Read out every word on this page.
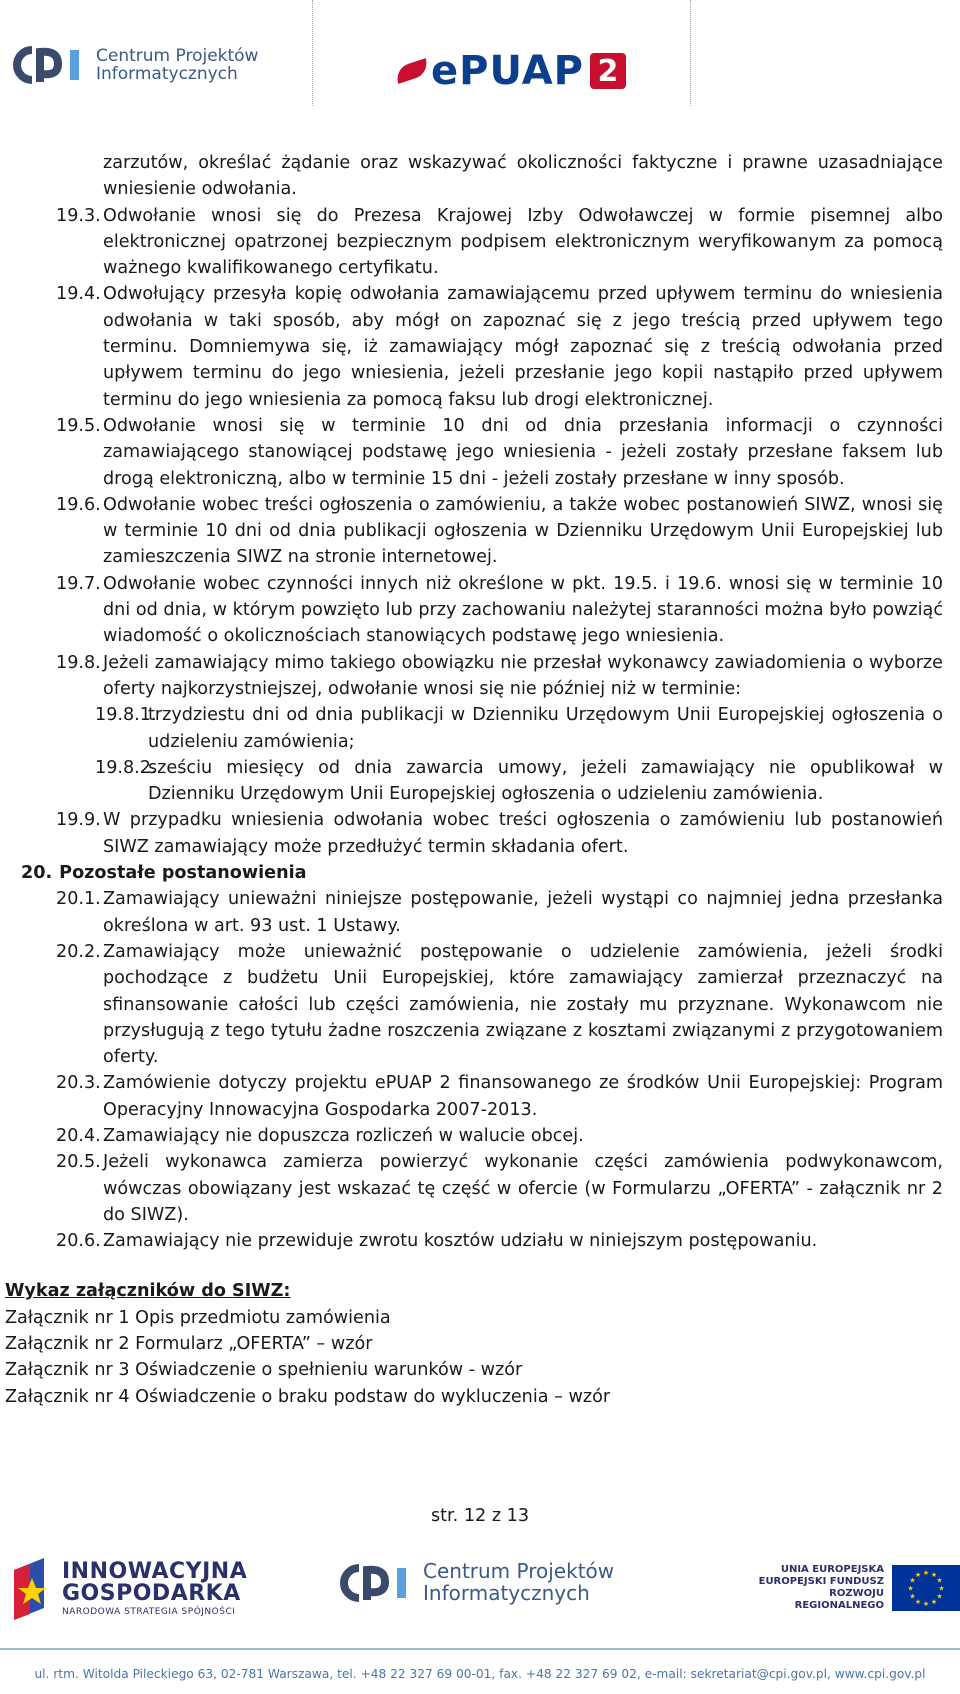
Centrum Projektów
Informatycznych	ePUAP 2
zarzutów, określać żądanie oraz wskazywać okoliczności faktyczne i prawne uzasadniające wniesienie odwołania.
19.3. Odwołanie wnosi się do Prezesa Krajowej Izby Odwoławczej w formie pisemnej albo elektronicznej opatrzonej bezpiecznym podpisem elektronicznym weryfikowanym za pomocą ważnego kwalifikowanego certyfikatu.
19.4. Odwołujący przesyła kopię odwołania zamawiającemu przed upływem terminu do wniesienia odwołania w taki sposób, aby mógł on zapoznać się z jego treścią przed upływem tego terminu. Domniemywa się, iż zamawiający mógł zapoznać się z treścią odwołania przed upływem terminu do jego wniesienia, jeżeli przesłanie jego kopii nastąpiło przed upływem terminu do jego wniesienia za pomocą faksu lub drogi elektronicznej.
19.5. Odwołanie wnosi się w terminie 10 dni od dnia przesłania informacji o czynności zamawiającego stanowiącej podstawę jego wniesienia - jeżeli zostały przesłane faksem lub drogą elektroniczną, albo w terminie 15 dni - jeżeli zostały przesłane w inny sposób.
19.6. Odwołanie wobec treści ogłoszenia o zamówieniu, a także wobec postanowień SIWZ, wnosi się w terminie 10 dni od dnia publikacji ogłoszenia w Dzienniku Urzędowym Unii Europejskiej lub zamieszczenia SIWZ na stronie internetowej.
19.7. Odwołanie wobec czynności innych niż określone w pkt. 19.5. i 19.6. wnosi się w terminie 10 dni od dnia, w którym powzięto lub przy zachowaniu należytej staranności można było powziąć wiadomość o okolicznościach stanowiących podstawę jego wniesienia.
19.8. Jeżeli zamawiający mimo takiego obowiązku nie przesłał wykonawcy zawiadomienia o wyborze oferty najkorzystniejszej, odwołanie wnosi się nie później niż w terminie:
19.8.1.
trzydziestu dni od dnia publikacji w Dzienniku Urzędowym Unii Europejskiej ogłoszenia o udzieleniu zamówienia;
19.8.2.
sześciu miesięcy od dnia zawarcia umowy, jeżeli zamawiający nie opublikował w Dzienniku Urzędowym Unii Europejskiej ogłoszenia o udzieleniu zamówienia.
19.9. W przypadku wniesienia odwołania wobec treści ogłoszenia o zamówieniu lub postanowień SIWZ zamawiający może przedłużyć termin składania ofert.
20. Pozostałe postanowienia
20.1. Zamawiający unieważni niniejsze postępowanie, jeżeli wystąpi co najmniej jedna przesłanka określona w art. 93 ust. 1 Ustawy.
20.2. Zamawiający może unieważnić postępowanie o udzielenie zamówienia, jeżeli środki pochodzące z budżetu Unii Europejskiej, które zamawiający zamierzał przeznaczyć na sfinansowanie całości lub części zamówienia, nie zostały mu przyznane. Wykonawcom nie przysługują z tego tytułu żadne roszczenia związane z kosztami związanymi z przygotowaniem oferty.
20.3. Zamówienie dotyczy projektu ePUAP 2 finansowanego ze środków Unii Europejskiej: Program Operacyjny Innowacyjna Gospodarka 2007-2013.
20.4. Zamawiający nie dopuszcza rozliczeń w walucie obcej.
20.5. Jeżeli wykonawca zamierza powierzyć wykonanie części zamówienia podwykonawcom, wówczas obowiązany jest wskazać tę część w ofercie (w Formularzu „OFERTA” - załącznik nr 2 do SIWZ).
20.6. Zamawiający nie przewiduje zwrotu kosztów udziału w niniejszym postępowaniu.
Wykaz załączników do SIWZ:
Załącznik nr 1 Opis przedmiotu zamówienia
Załącznik nr 2 Formularz „OFERTA” – wzór
Załącznik nr 3 Oświadczenie o spełnieniu warunków - wzór
Załącznik nr 4 Oświadczenie o braku podstaw do wykluczenia – wzór
str. 12 z 13
INNOWACYJNA
GOSPODARKA
NARODOWA STRATEGIA SPÓJNOŚCI
Centrum Projektów
Informatycznych
UNIA EUROPEJSKA
EUROPEJSKI FUNDUSZ
ROZWOJU REGIONALNEGO
★ ★
★
★
★
★
★
★
★
★
★
★
ul. rtm. Witolda Pileckiego 63, 02-781 Warszawa, tel. +48 22 327 69 00-01, fax. +48 22 327 69 02, e-mail: sekretariat@cpi.gov.pl, www.cpi.gov.pl
